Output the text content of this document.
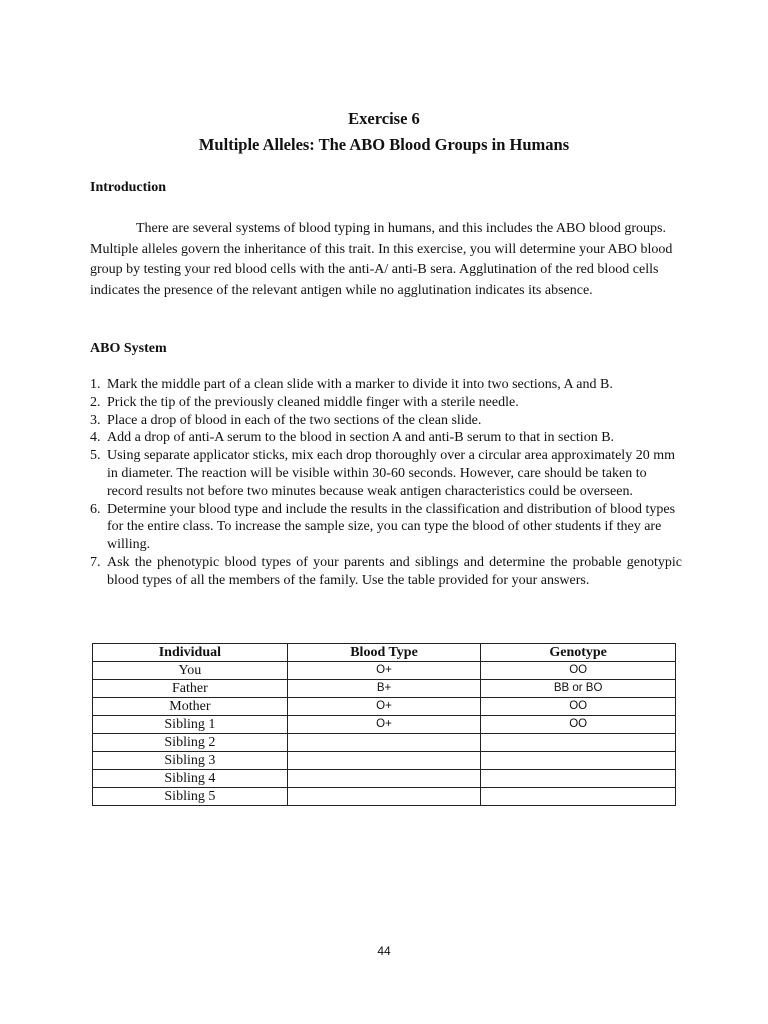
Exercise 6
Multiple Alleles: The ABO Blood Groups in Humans
Introduction

There are several systems of blood typing in humans, and this includes the ABO blood groups. Multiple alleles govern the inheritance of this trait. In this exercise, you will determine your ABO blood group by testing your red blood cells with the anti-A/ anti-B sera. Agglutination of the red blood cells indicates the presence of the relevant antigen while no agglutination indicates its absence.

ABO System
1. Mark the middle part of a clean slide with a marker to divide it into two sections, A and B.
2. Prick the tip of the previously cleaned middle finger with a sterile needle.
3. Place a drop of blood in each of the two sections of the clean slide.
4. Add a drop of anti-A serum to the blood in section A and anti-B serum to that in section B.
5. Using separate applicator sticks, mix each drop thoroughly over a circular area approximately 20 mm in diameter. The reaction will be visible within 30-60 seconds. However, care should be taken to record results not before two minutes because weak antigen characteristics could be overseen.
6. Determine your blood type and include the results in the classification and distribution of blood types for the entire class. To increase the sample size, you can type the blood of other students if they are willing.
7. Ask the phenotypic blood types of your parents and siblings and determine the probable genotypic blood types of all the members of the family. Use the table provided for your answers.
Individual	Blood Type	Genotype
You	O+	OO
Father	B+	BB or BO
Mother	O+	OO
Sibling 1	O+	OO
Sibling 2		
Sibling 3		
Sibling 4		
Sibling 5		
44
